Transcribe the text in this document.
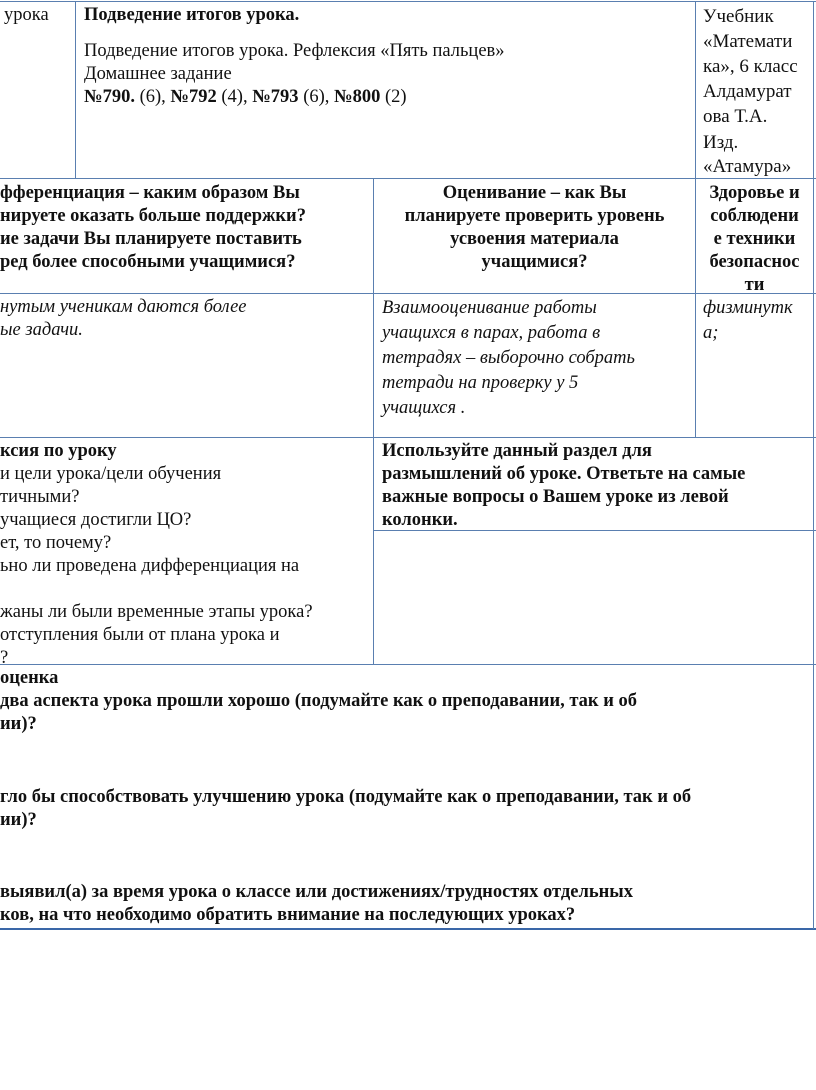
урока Подведение итогов урока.
Подведение итогов урока. Рефлексия «Пять пальцев»
Домашнее задание
№790. (6), №792 (4), №793 (6), №800 (2)
Учебник
«Математи
ка», 6 класс
Алдамурат
ова Т.А.
Изд.
«Атамура»
фференциация – каким образом Вы
нируете оказать больше поддержки?
ие задачи Вы планируете поставить
ред более способными учащимися?
Оценивание – как Вы
планируете проверить уровень
усвоения материала
учащимися?
Здоровье и
соблюдени
е техники
безопаснос
ти
нутым ученикам даются более
ые задачи.
Взаимооценивание работы
учащихся в парах, работа в
тетрадях – выборочно собрать
тетради на проверку у 5
учащихся .
физминутк
а;
ксия по уроку
и цели урока/цели обучения
тичными?
учащиеся достигли ЦО?
ет, то почему?
ьно ли проведена дифференциация на
жаны ли были временные этапы урока?
отступления были от плана урока и
?
Используйте данный раздел для
размышлений об уроке. Ответьте на самые
важные вопросы о Вашем уроке из левой
колонки.
оценка
два аспекта урока прошли хорошо (подумайте как о преподавании, так и об
ии)?
гло бы способствовать улучшению урока (подумайте как о преподавании, так и об
ии)?
выявил(а) за время урока о классе или достижениях/трудностях отдельных
ков, на что необходимо обратить внимание на последующих уроках?
